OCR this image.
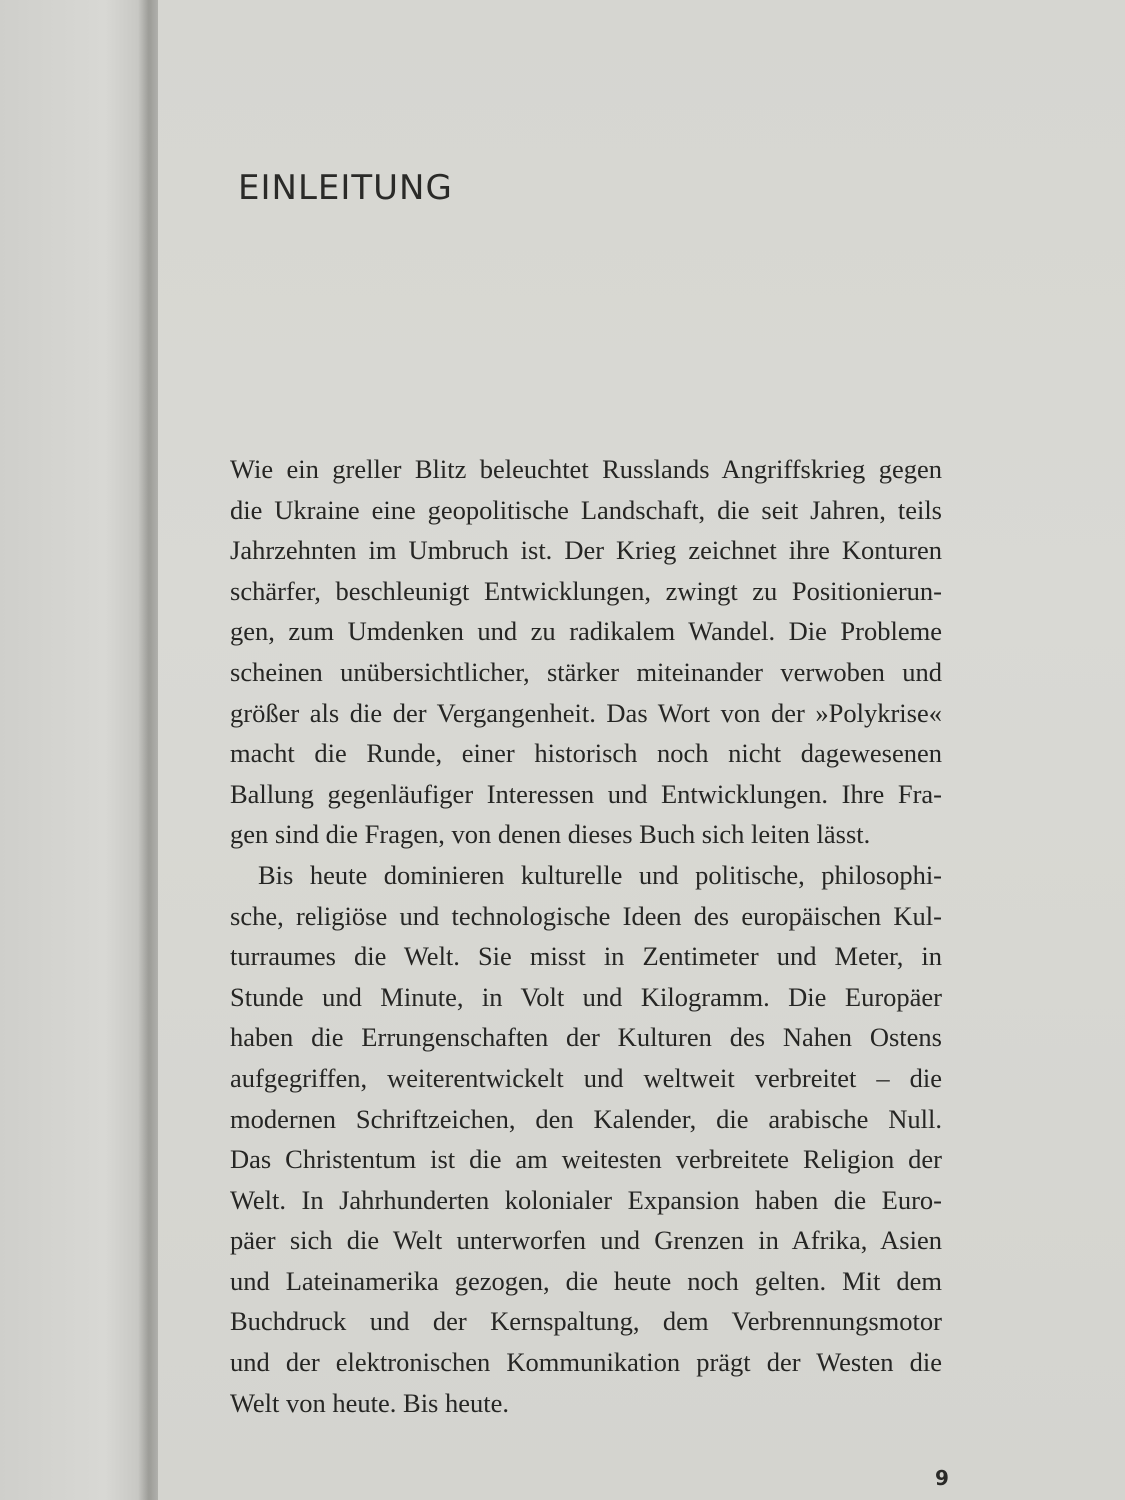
EINLEITUNG
Wie ein greller Blitz beleuchtet Russlands Angriffskrieg gegen
die Ukraine eine geopolitische Landschaft, die seit Jahren, teils
Jahrzehnten im Umbruch ist. Der Krieg zeichnet ihre Konturen
schärfer, beschleunigt Entwicklungen, zwingt zu Positionierun-
gen, zum Umdenken und zu radikalem Wandel. Die Probleme
scheinen unübersichtlicher, stärker miteinander verwoben und
größer als die der Vergangenheit. Das Wort von der »Polykrise«
macht die Runde, einer historisch noch nicht dagewesenen
Ballung gegenläufiger Interessen und Entwicklungen. Ihre Fra-
gen sind die Fragen, von denen dieses Buch sich leiten lässt.
Bis heute dominieren kulturelle und politische, philosophi-
sche, religiöse und technologische Ideen des europäischen Kul-
turraumes die Welt. Sie misst in Zentimeter und Meter, in
Stunde und Minute, in Volt und Kilogramm. Die Europäer
haben die Errungenschaften der Kulturen des Nahen Ostens
aufgegriffen, weiterentwickelt und weltweit verbreitet – die
modernen Schriftzeichen, den Kalender, die arabische Null.
Das Christentum ist die am weitesten verbreitete Religion der
Welt. In Jahrhunderten kolonialer Expansion haben die Euro-
päer sich die Welt unterworfen und Grenzen in Afrika, Asien
und Lateinamerika gezogen, die heute noch gelten. Mit dem
Buchdruck und der Kernspaltung, dem Verbrennungsmotor
und der elektronischen Kommunikation prägt der Westen die
Welt von heute. Bis heute.
9
